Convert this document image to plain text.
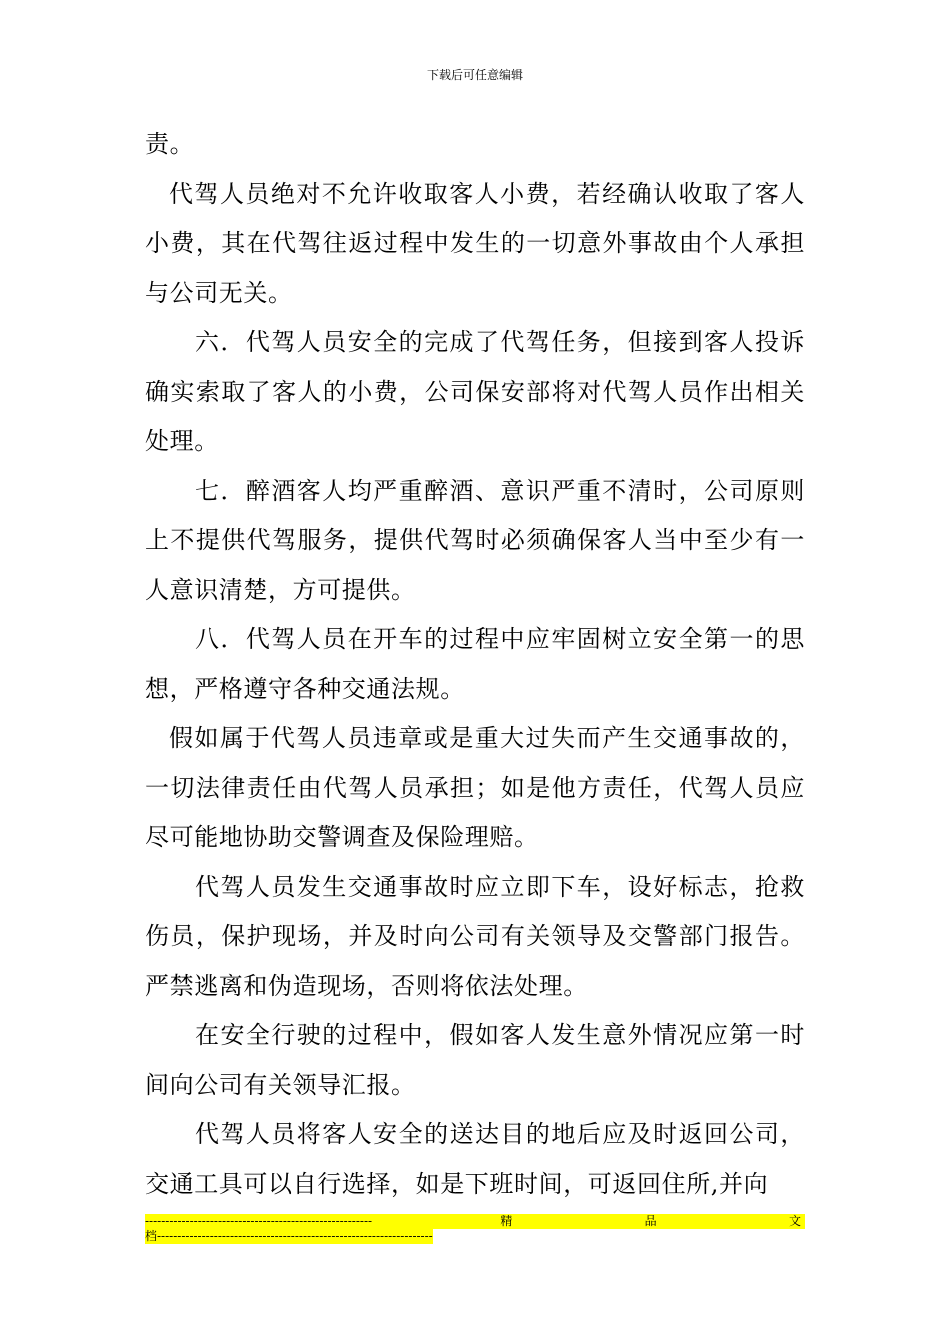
下载后可任意编辑

责。

代驾人员绝对不允许收取客人小费，若经确认收取了客人小费，其在代驾往返过程中发生的一切意外事故由个人承担与公司无关。

六．代驾人员安全的完成了代驾任务，但接到客人投诉确实索取了客人的小费，公司保安部将对代驾人员作出相关处理。

七．醉酒客人均严重醉酒、意识严重不清时，公司原则上不提供代驾服务，提供代驾时必须确保客人当中至少有一人意识清楚，方可提供。

八．代驾人员在开车的过程中应牢固树立安全第一的思想，严格遵守各种交通法规。

假如属于代驾人员违章或是重大过失而产生交通事故的，一切法律责任由代驾人员承担；如是他方责任，代驾人员应尽可能地协助交警调查及保险理赔。

代驾人员发生交通事故时应立即下车，设好标志，抢救伤员，保护现场，并及时向公司有关领导及交警部门报告。严禁逃离和伪造现场，否则将依法处理。

在安全行驶的过程中，假如客人发生意外情况应第一时间向公司有关领导汇报。

代驾人员将客人安全的送达目的地后应及时返回公司，交通工具可以自行选择，如是下班时间，可返回住所,并向

--------------------------------------------------------	精	品	文
档--------------------------------------------------------------------
